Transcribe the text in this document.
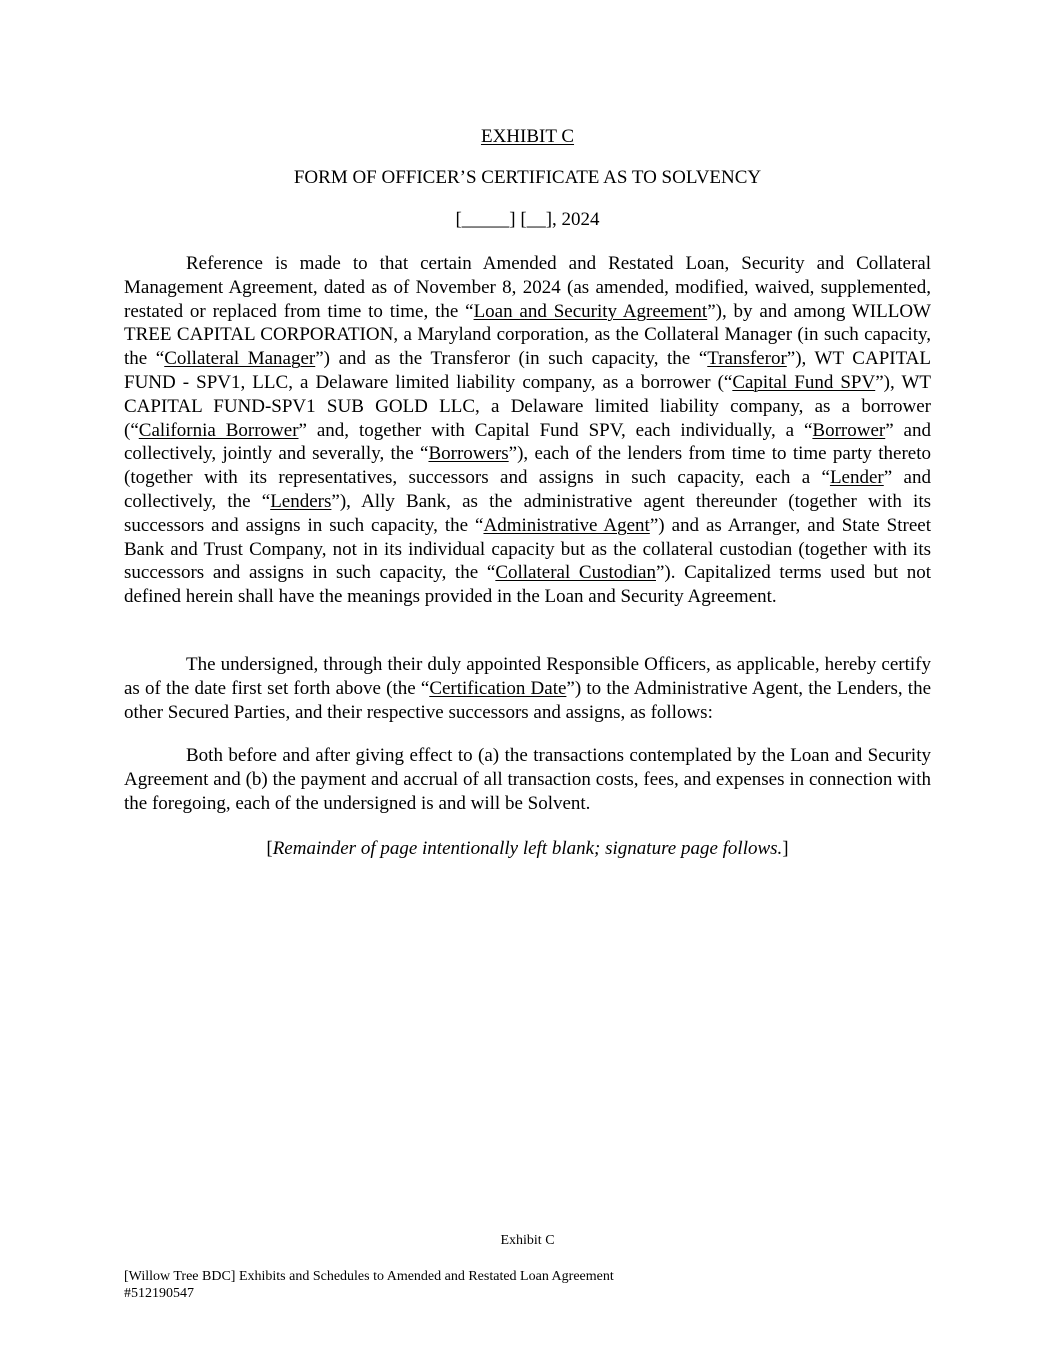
EXHIBIT C
FORM OF OFFICER’S CERTIFICATE AS TO SOLVENCY
[_____] [__], 2024

Reference is made to that certain Amended and Restated Loan, Security and Collateral Management Agreement, dated as of November 8, 2024 (as amended, modified, waived, supplemented, restated or replaced from time to time, the “Loan and Security Agreement”), by and among WILLOW TREE CAPITAL CORPORATION, a Maryland corporation, as the Collateral Manager (in such capacity, the “Collateral Manager”) and as the Transferor (in such capacity, the “Transferor”), WT CAPITAL FUND - SPV1, LLC, a Delaware limited liability company, as a borrower (“Capital Fund SPV”), WT CAPITAL FUND-SPV1 SUB GOLD LLC, a Delaware limited liability company, as a borrower (“California Borrower” and, together with Capital Fund SPV, each individually, a “Borrower” and collectively, jointly and severally, the “Borrowers”), each of the lenders from time to time party thereto (together with its representatives, successors and assigns in such capacity, each a “Lender” and collectively, the “Lenders”), Ally Bank, as the administrative agent thereunder (together with its successors and assigns in such capacity, the “Administrative Agent”) and as Arranger, and State Street Bank and Trust Company, not in its individual capacity but as the collateral custodian (together with its successors and assigns in such capacity, the “Collateral Custodian”). Capitalized terms used but not defined herein shall have the meanings provided in the Loan and Security Agreement.

The undersigned, through their duly appointed Responsible Officers, as applicable, hereby certify as of the date first set forth above (the “Certification Date”) to the Administrative Agent, the Lenders, the other Secured Parties, and their respective successors and assigns, as follows:

Both before and after giving effect to (a) the transactions contemplated by the Loan and Security Agreement and (b) the payment and accrual of all transaction costs, fees, and expenses in connection with the foregoing, each of the undersigned is and will be Solvent.

[Remainder of page intentionally left blank; signature page follows.]
Exhibit C
[Willow Tree BDC] Exhibits and Schedules to Amended and Restated Loan Agreement
#512190547
